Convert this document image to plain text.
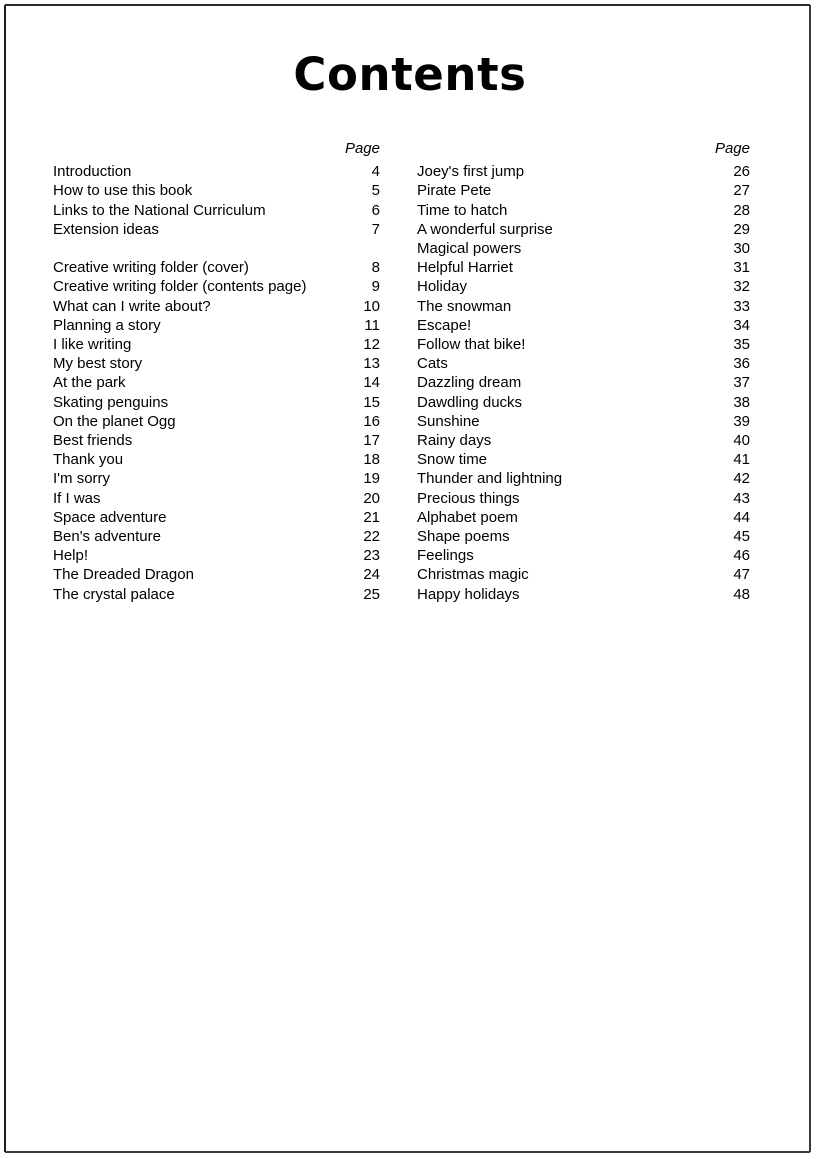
Contents
Page
Introduction	4
How to use this book	5
Links to the National Curriculum	6
Extension ideas	7

Creative writing folder (cover)	8
Creative writing folder (contents page)	9
What can I write about?	10
Planning a story	11
I like writing	12
My best story	13
At the park	14
Skating penguins	15
On the planet Ogg	16
Best friends	17
Thank you	18
I'm sorry	19
If I was	20
Space adventure	21
Ben's adventure	22
Help!	23
The Dreaded Dragon	24
The crystal palace	25
Page
Joey's first jump	26
Pirate Pete	27
Time to hatch	28
A wonderful surprise	29
Magical powers	30
Helpful Harriet	31
Holiday	32
The snowman	33
Escape!	34
Follow that bike!	35
Cats	36
Dazzling dream	37
Dawdling ducks	38
Sunshine	39
Rainy days	40
Snow time	41
Thunder and lightning	42
Precious things	43
Alphabet poem	44
Shape poems	45
Feelings	46
Christmas magic	47
Happy holidays	48
